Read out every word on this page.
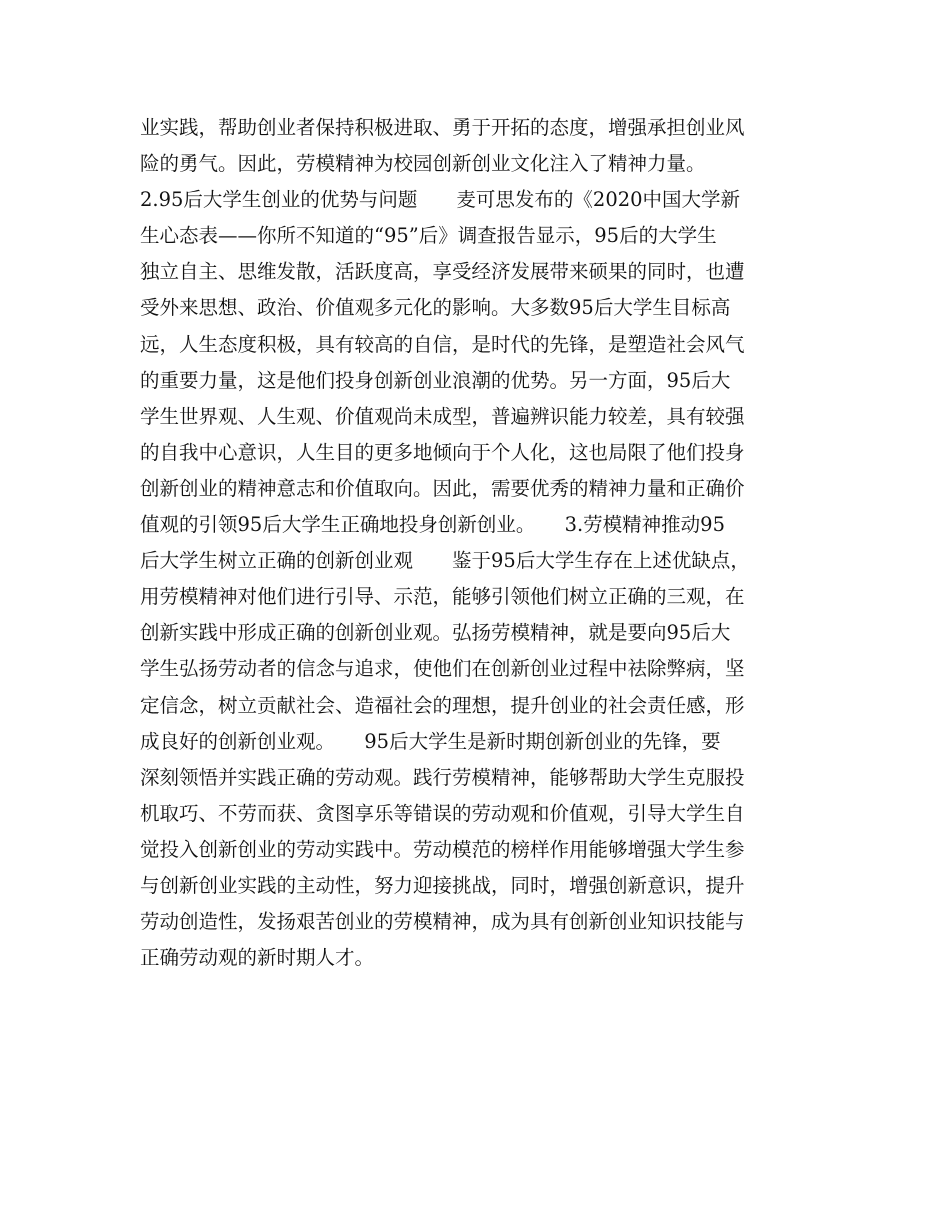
业实践，帮助创业者保持积极进取、勇于开拓的态度，增强承担创业风
险的勇气。因此，劳模精神为校园创新创业文化注入了精神力量。
2.95后大学生创业的优势与问题　　麦可思发布的《2020中国大学新
生心态表——你所不知道的“95”后》调查报告显示，95后的大学生
独立自主、思维发散，活跃度高，享受经济发展带来硕果的同时，也遭
受外来思想、政治、价值观多元化的影响。大多数95后大学生目标高
远，人生态度积极，具有较高的自信，是时代的先锋，是塑造社会风气
的重要力量，这是他们投身创新创业浪潮的优势。另一方面，95后大
学生世界观、人生观、价值观尚未成型，普遍辨识能力较差，具有较强
的自我中心意识，人生目的更多地倾向于个人化，这也局限了他们投身
创新创业的精神意志和价值取向。因此，需要优秀的精神力量和正确价
值观的引领95后大学生正确地投身创新创业。　　3.劳模精神推动95
后大学生树立正确的创新创业观　　鉴于95后大学生存在上述优缺点，
用劳模精神对他们进行引导、示范，能够引领他们树立正确的三观，在
创新实践中形成正确的创新创业观。弘扬劳模精神，就是要向95后大
学生弘扬劳动者的信念与追求，使他们在创新创业过程中祛除弊病，坚
定信念，树立贡献社会、造福社会的理想，提升创业的社会责任感，形
成良好的创新创业观。　　95后大学生是新时期创新创业的先锋，要
深刻领悟并实践正确的劳动观。践行劳模精神，能够帮助大学生克服投
机取巧、不劳而获、贪图享乐等错误的劳动观和价值观，引导大学生自
觉投入创新创业的劳动实践中。劳动模范的榜样作用能够增强大学生参
与创新创业实践的主动性，努力迎接挑战，同时，增强创新意识，提升
劳动创造性，发扬艰苦创业的劳模精神，成为具有创新创业知识技能与
正确劳动观的新时期人才。
